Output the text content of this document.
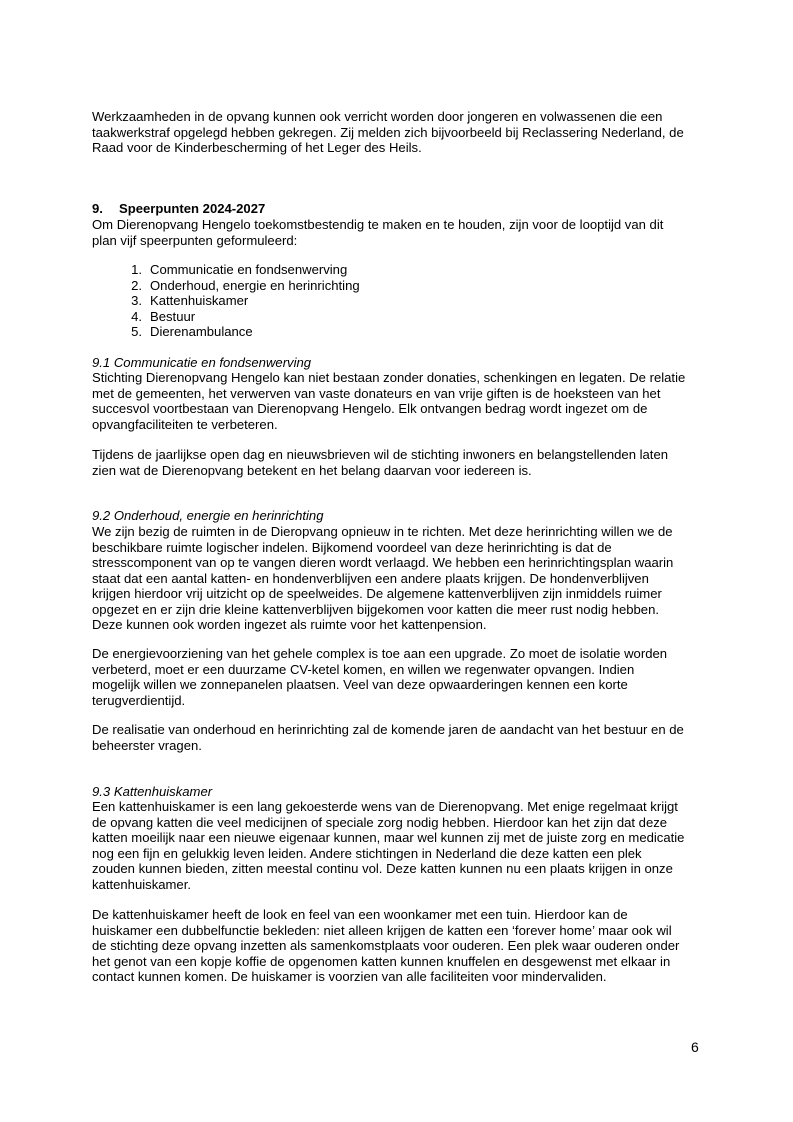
Werkzaamheden in de opvang kunnen ook verricht worden door jongeren en volwassenen die een
taakwerkstraf opgelegd hebben gekregen. Zij melden zich bijvoorbeeld bij Reclassering Nederland, de
Raad voor de Kinderbescherming of het Leger des Heils.
9. Speerpunten 2024-2027
Om Dierenopvang Hengelo toekomstbestendig te maken en te houden, zijn voor de looptijd van dit
plan vijf speerpunten geformuleerd:
1. Communicatie en fondsenwerving
2. Onderhoud, energie en herinrichting
3. Kattenhuiskamer
4. Bestuur
5. Dierenambulance
9.1 Communicatie en fondsenwerving
Stichting Dierenopvang Hengelo kan niet bestaan zonder donaties, schenkingen en legaten. De relatie
met de gemeenten, het verwerven van vaste donateurs en van vrije giften is de hoeksteen van het
succesvol voortbestaan van Dierenopvang Hengelo. Elk ontvangen bedrag wordt ingezet om de
opvangfaciliteiten te verbeteren.
Tijdens de jaarlijkse open dag en nieuwsbrieven wil de stichting inwoners en belangstellenden laten
zien wat de Dierenopvang betekent en het belang daarvan voor iedereen is.
9.2 Onderhoud, energie en herinrichting
We zijn bezig de ruimten in de Dieropvang opnieuw in te richten. Met deze herinrichting willen we de
beschikbare ruimte logischer indelen. Bijkomend voordeel van deze herinrichting is dat de
stresscomponent van op te vangen dieren wordt verlaagd. We hebben een herinrichtingsplan waarin
staat dat een aantal katten- en hondenverblijven een andere plaats krijgen. De hondenverblijven
krijgen hierdoor vrij uitzicht op de speelweides. De algemene kattenverblijven zijn inmiddels ruimer
opgezet en er zijn drie kleine kattenverblijven bijgekomen voor katten die meer rust nodig hebben.
Deze kunnen ook worden ingezet als ruimte voor het kattenpension.
De energievoorziening van het gehele complex is toe aan een upgrade. Zo moet de isolatie worden
verbeterd, moet er een duurzame CV-ketel komen, en willen we regenwater opvangen. Indien
mogelijk willen we zonnepanelen plaatsen. Veel van deze opwaarderingen kennen een korte
terugverdientijd.
De realisatie van onderhoud en herinrichting zal de komende jaren de aandacht van het bestuur en de
beheerster vragen.
9.3 Kattenhuiskamer
Een kattenhuiskamer is een lang gekoesterde wens van de Dierenopvang. Met enige regelmaat krijgt
de opvang katten die veel medicijnen of speciale zorg nodig hebben. Hierdoor kan het zijn dat deze
katten moeilijk naar een nieuwe eigenaar kunnen, maar wel kunnen zij met de juiste zorg en medicatie
nog een fijn en gelukkig leven leiden. Andere stichtingen in Nederland die deze katten een plek
zouden kunnen bieden, zitten meestal continu vol. Deze katten kunnen nu een plaats krijgen in onze
kattenhuiskamer.
De kattenhuiskamer heeft de look en feel van een woonkamer met een tuin. Hierdoor kan de
huiskamer een dubbelfunctie bekleden: niet alleen krijgen de katten een ‘forever home’ maar ook wil
de stichting deze opvang inzetten als samenkomstplaats voor ouderen. Een plek waar ouderen onder
het genot van een kopje koffie de opgenomen katten kunnen knuffelen en desgewenst met elkaar in
contact kunnen komen. De huiskamer is voorzien van alle faciliteiten voor mindervaliden.
6
